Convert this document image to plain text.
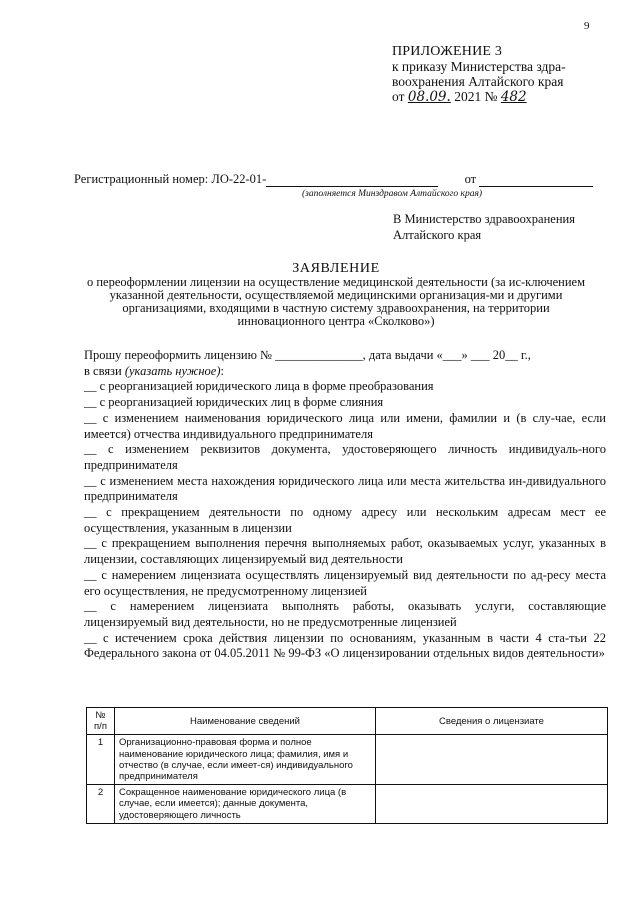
9
ПРИЛОЖЕНИЕ 3
к приказу Министерства здра-
воохранения Алтайского края
от 08.09. 2021 № 482
Регистрационный номер: ЛО-22-01-	от
(заполняется Минздравом Алтайского края)
В Министерство здравоохранения
Алтайского края
ЗАЯВЛЕНИЕ
о переоформлении лицензии на осуществление медицинской деятельности (за ис-ключением указанной деятельности, осуществляемой медицинскими организация-ми и другими организациями, входящими в частную систему здравоохранения, на территории инновационного центра «Сколково»)

Прошу переоформить лицензию № ______________, дата выдачи «___» ___ 20__ г.,

в связи (указать нужное):

__ с реорганизацией юридического лица в форме преобразования

__ с реорганизацией юридических лиц в форме слияния

__ с изменением наименования юридического лица или имени, фамилии и (в слу-чае, если имеется) отчества индивидуального предпринимателя

__ с изменением реквизитов документа, удостоверяющего личность индивидуаль-ного предпринимателя

__ с изменением места нахождения юридического лица или места жительства ин-дивидуального предпринимателя

__ с прекращением деятельности по одному адресу или нескольким адресам мест ее осуществления, указанным в лицензии

__ с прекращением выполнения перечня выполняемых работ, оказываемых услуг, указанных в лицензии, составляющих лицензируемый вид деятельности

__ с намерением лицензиата осуществлять лицензируемый вид деятельности по ад-ресу места его осуществления, не предусмотренному лицензией

__ с намерением лицензиата выполнять работы, оказывать услуги, составляющие лицензируемый вид деятельности, но не предусмотренные лицензией

__ с истечением срока действия лицензии по основаниям, указанным в части 4 ста-тьи 22 Федерального закона от 04.05.2011 № 99-ФЗ «О лицензировании отдельных видов деятельности»

№ п/п	Наименование сведений	Сведения о лицензиате
1	Организационно-правовая форма и полное наименование юридического лица; фамилия, имя и отчество (в случае, если имеет-ся) индивидуального предпринимателя	
2	Сокращенное наименование юридического лица (в случае, если имеется); данные документа, удостоверяющего личность	
